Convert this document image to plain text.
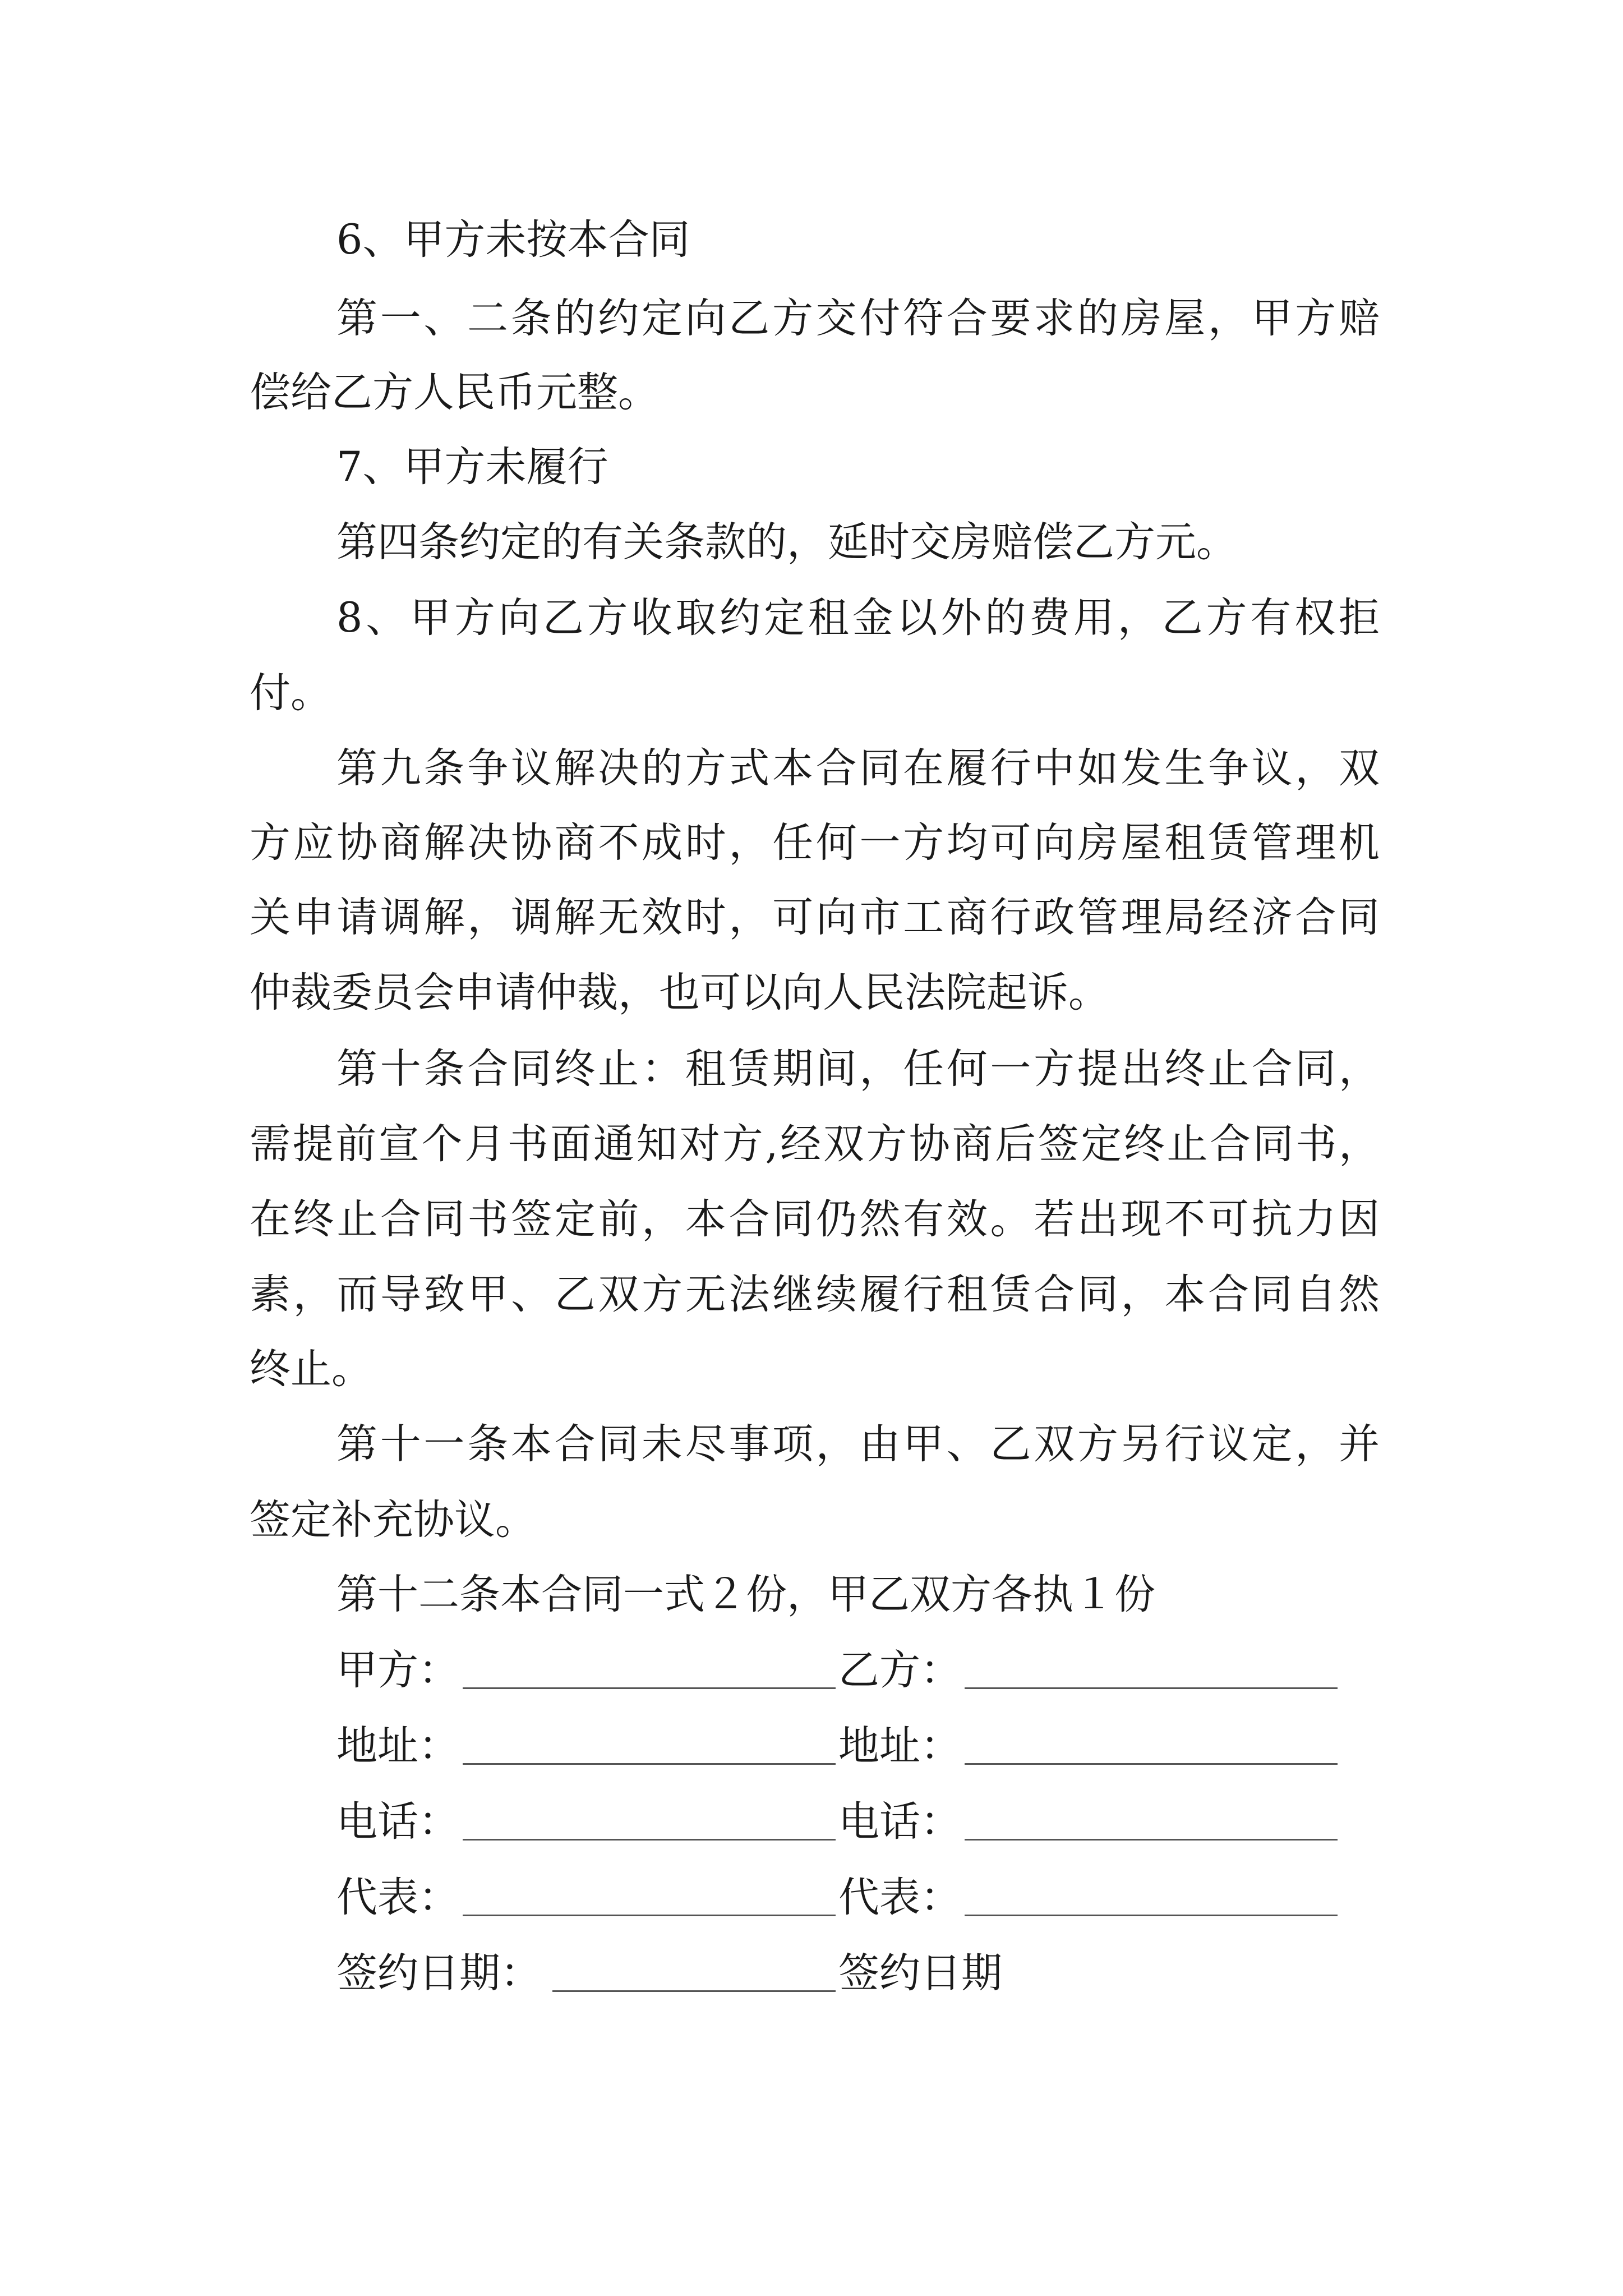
6、甲方未按本合同
第一、二条的约定向乙方交付符合要求的房屋，甲方赔
偿给乙方人民币元整。
7、甲方未履行
第四条约定的有关条款的，延时交房赔偿乙方元。
8、甲方向乙方收取约定租金以外的费用，乙方有权拒
付。
第九条争议解决的方式本合同在履行中如发生争议，双
方应协商解决协商不成时，任何一方均可向房屋租赁管理机
关申请调解，调解无效时，可向市工商行政管理局经济合同
仲裁委员会申请仲裁，也可以向人民法院起诉。
第十条合同终止：租赁期间，任何一方提出终止合同，
需提前宣个月书面通知对方,经双方协商后签定终止合同书，
在终止合同书签定前，本合同仍然有效。若出现不可抗力因
素，而导致甲、乙双方无法继续履行租赁合同，本合同自然
终止。
第十一条本合同未尽事项，由甲、乙双方另行议定，并
签定补充协议。
第十二条本合同一式２份，甲乙双方各执１份
甲方：	乙方：
地址：	地址：
电话：	电话：
代表：	代表：
签约日期：	签约日期
